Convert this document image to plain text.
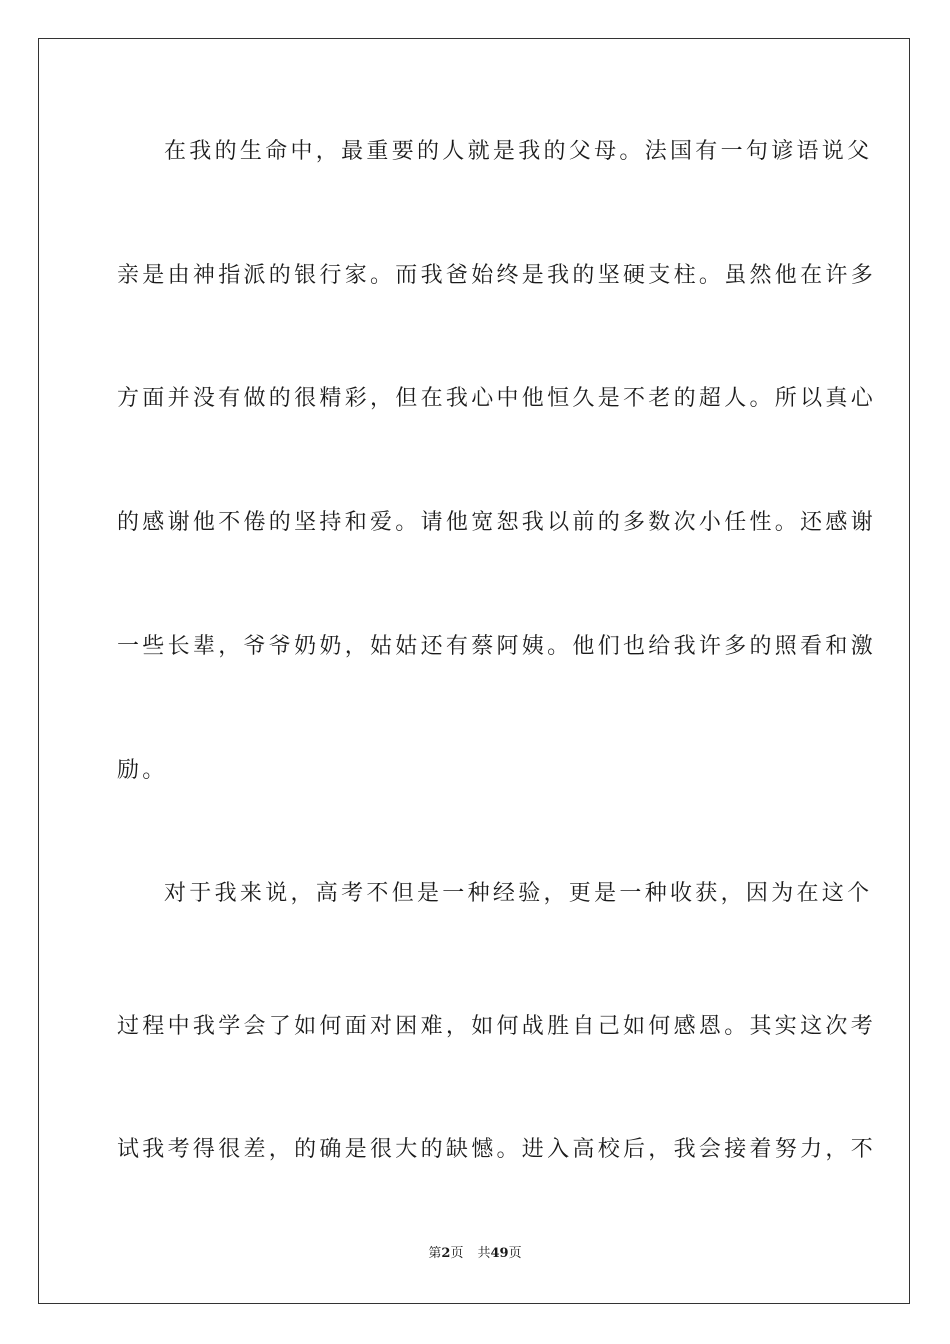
在我的生命中，最重要的人就是我的父母。法国有一句谚语说父
亲是由神指派的银行家。而我爸始终是我的坚硬支柱。虽然他在许多
方面并没有做的很精彩，但在我心中他恒久是不老的超人。所以真心
的感谢他不倦的坚持和爱。请他宽恕我以前的多数次小任性。还感谢
一些长辈，爷爷奶奶，姑姑还有蔡阿姨。他们也给我许多的照看和激
励。
对于我来说，高考不但是一种经验，更是一种收获，因为在这个
过程中我学会了如何面对困难，如何战胜自己如何感恩。其实这次考
试我考得很差，的确是很大的缺憾。进入高校后，我会接着努力，不
第2页 共49页
